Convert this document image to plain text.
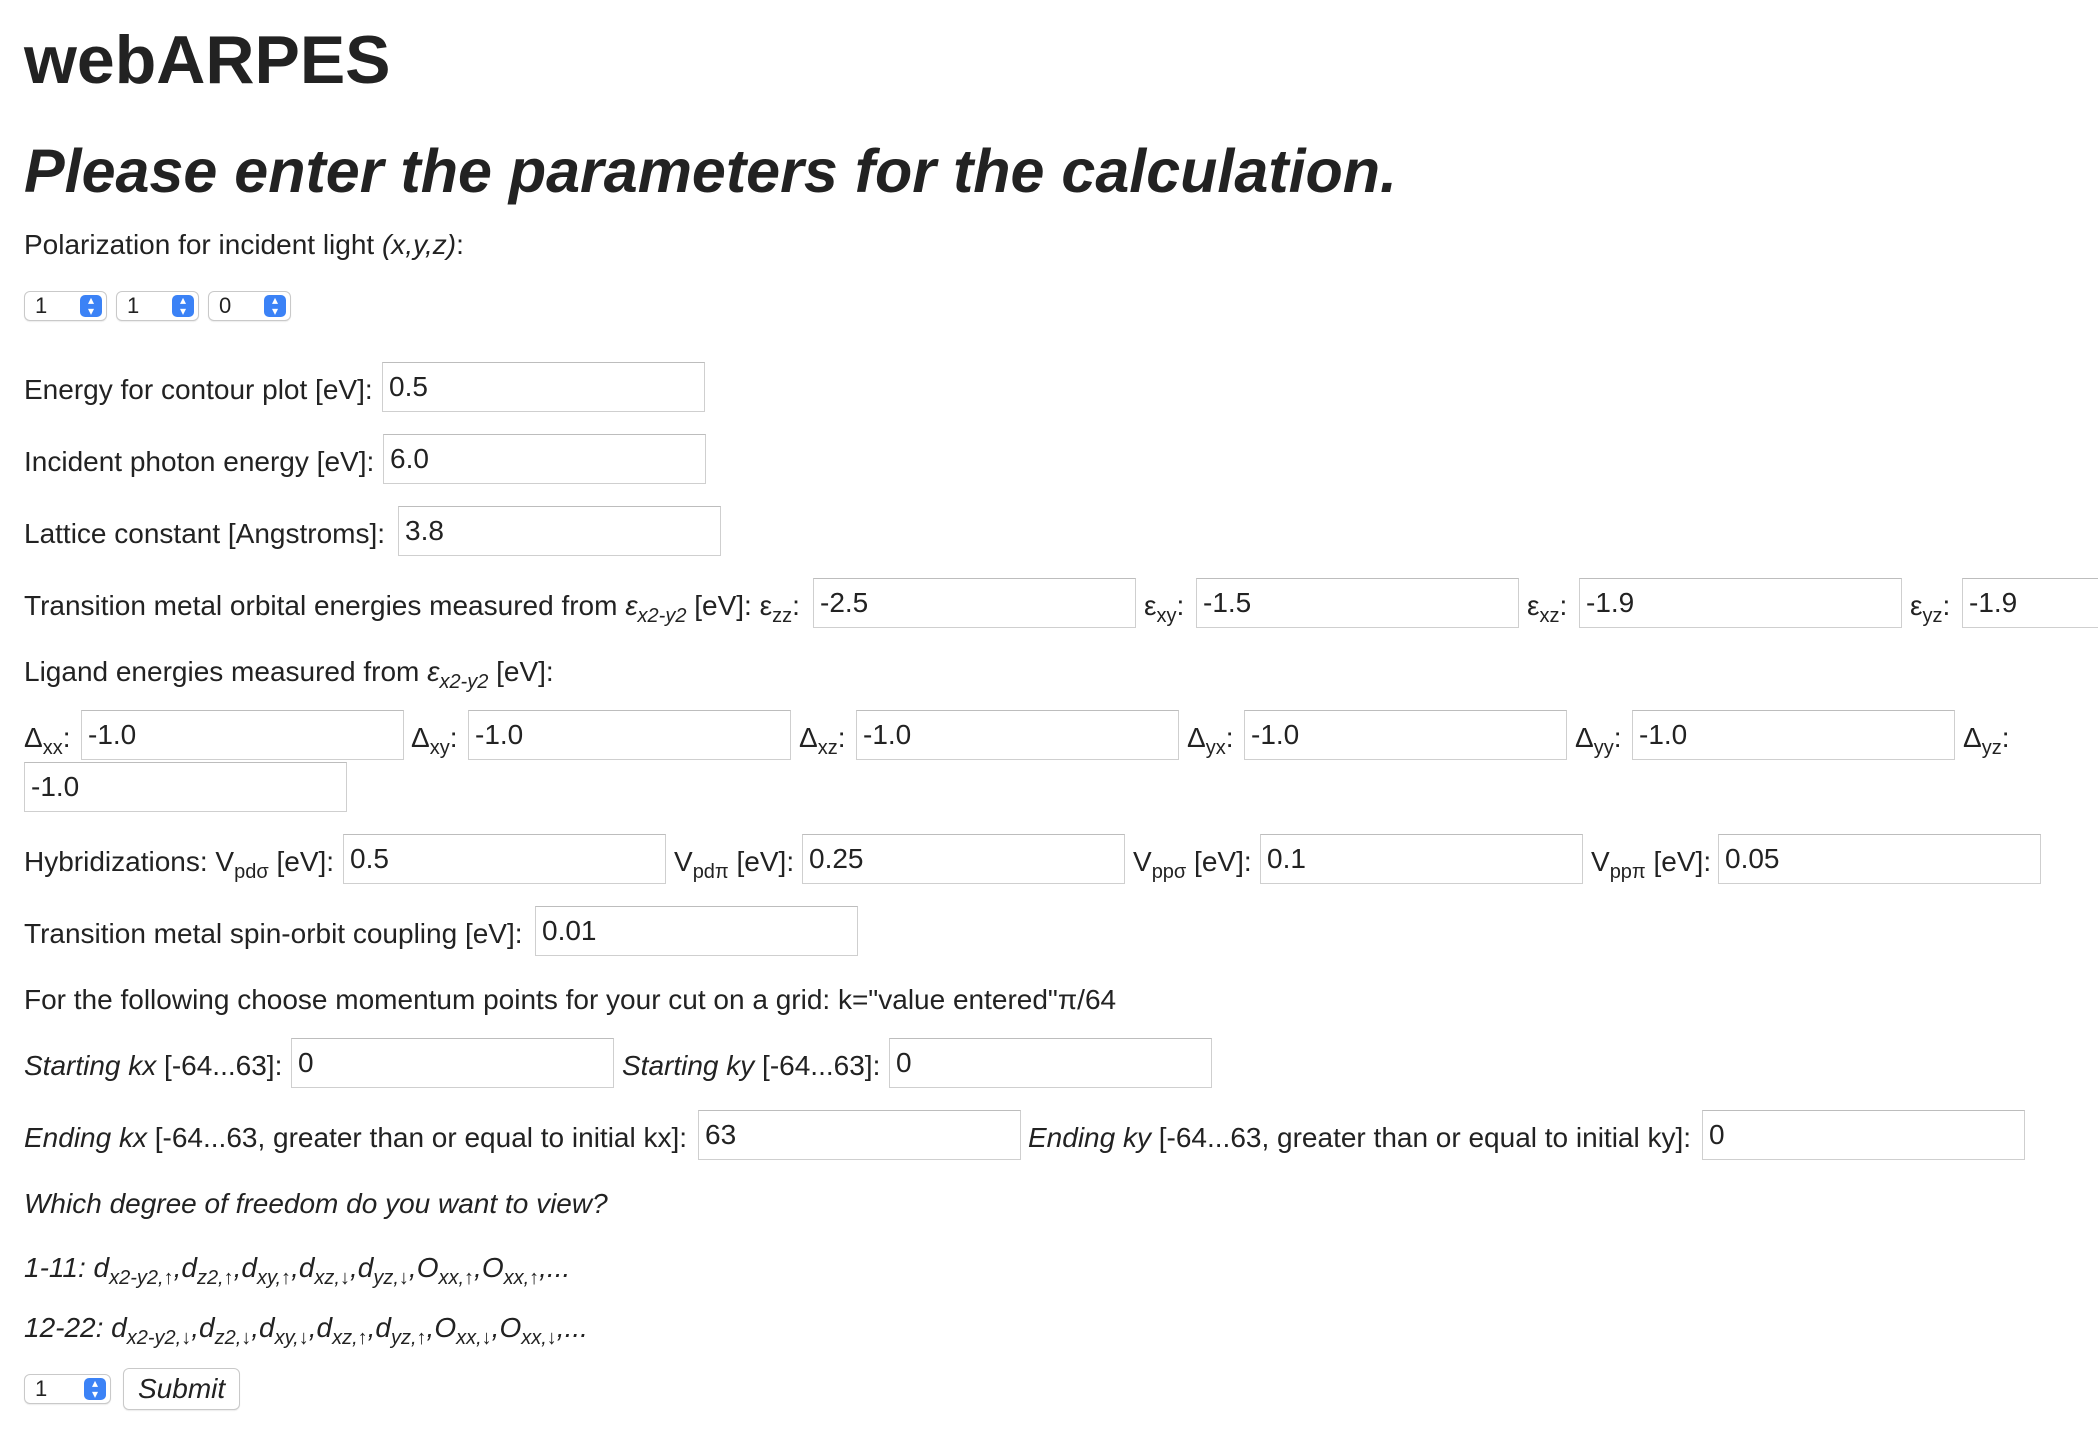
webARPES
Please enter the parameters for the calculation.
Polarization for incident light (x,y,z):
1	▴
▾	1	▴
▾	0	▴
▾
Energy for contour plot [eV]: 0.5
Incident photon energy [eV]: 6.0
Lattice constant [Angstroms]: 3.8
Transition metal orbital energies measured from $\varepsilon_{x2-y2}$ [eV]: $\varepsilon_{zz}$: -2.5	$\varepsilon_{xy}$: -1.5	$\varepsilon_{xz}$: -1.9	$\varepsilon_{yz}$: -1.9
Ligand energies measured from $\varepsilon_{x2-y2}$ [eV]:
$\Delta_{xx}$: -1.0	$\Delta_{xy}$: -1.0	$\Delta_{xz}$: -1.0	$\Delta_{yx}$: -1.0	$\Delta_{yy}$: -1.0	$\Delta_{yz}$:
-1.0
Hybridizations: $V_{pd\sigma}$ [eV]: 0.5	$V_{pd\pi}$ [eV]: 0.25	$V_{pp\sigma}$ [eV]: 0.1	$V_{pp\pi}$ [eV]: 0.05
Transition metal spin-orbit coupling [eV]: 0.01
For the following choose momentum points for your cut on a grid: k="value entered"π/64
Starting kx [-64...63]: 0	Starting ky [-64...63]: 0
Ending kx [-64...63, greater than or equal to initial kx]: 63	Ending ky [-64...63, greater than or equal to initial ky]: 0
Which degree of freedom do you want to view?
1-11: $d_{x2-y2,↑},d_{z2,↑},d_{xy,↑},d_{xz,↓},d_{yz,↓},O_{xx,↑},O_{xx,↑}$,...
12-22: $d_{x2-y2,↓},d_{z2,↓},d_{xy,↓},d_{xz,↑},d_{yz,↑},O_{xx,↓},O_{xx,↓}$,...
1	▴
▾	Submit
